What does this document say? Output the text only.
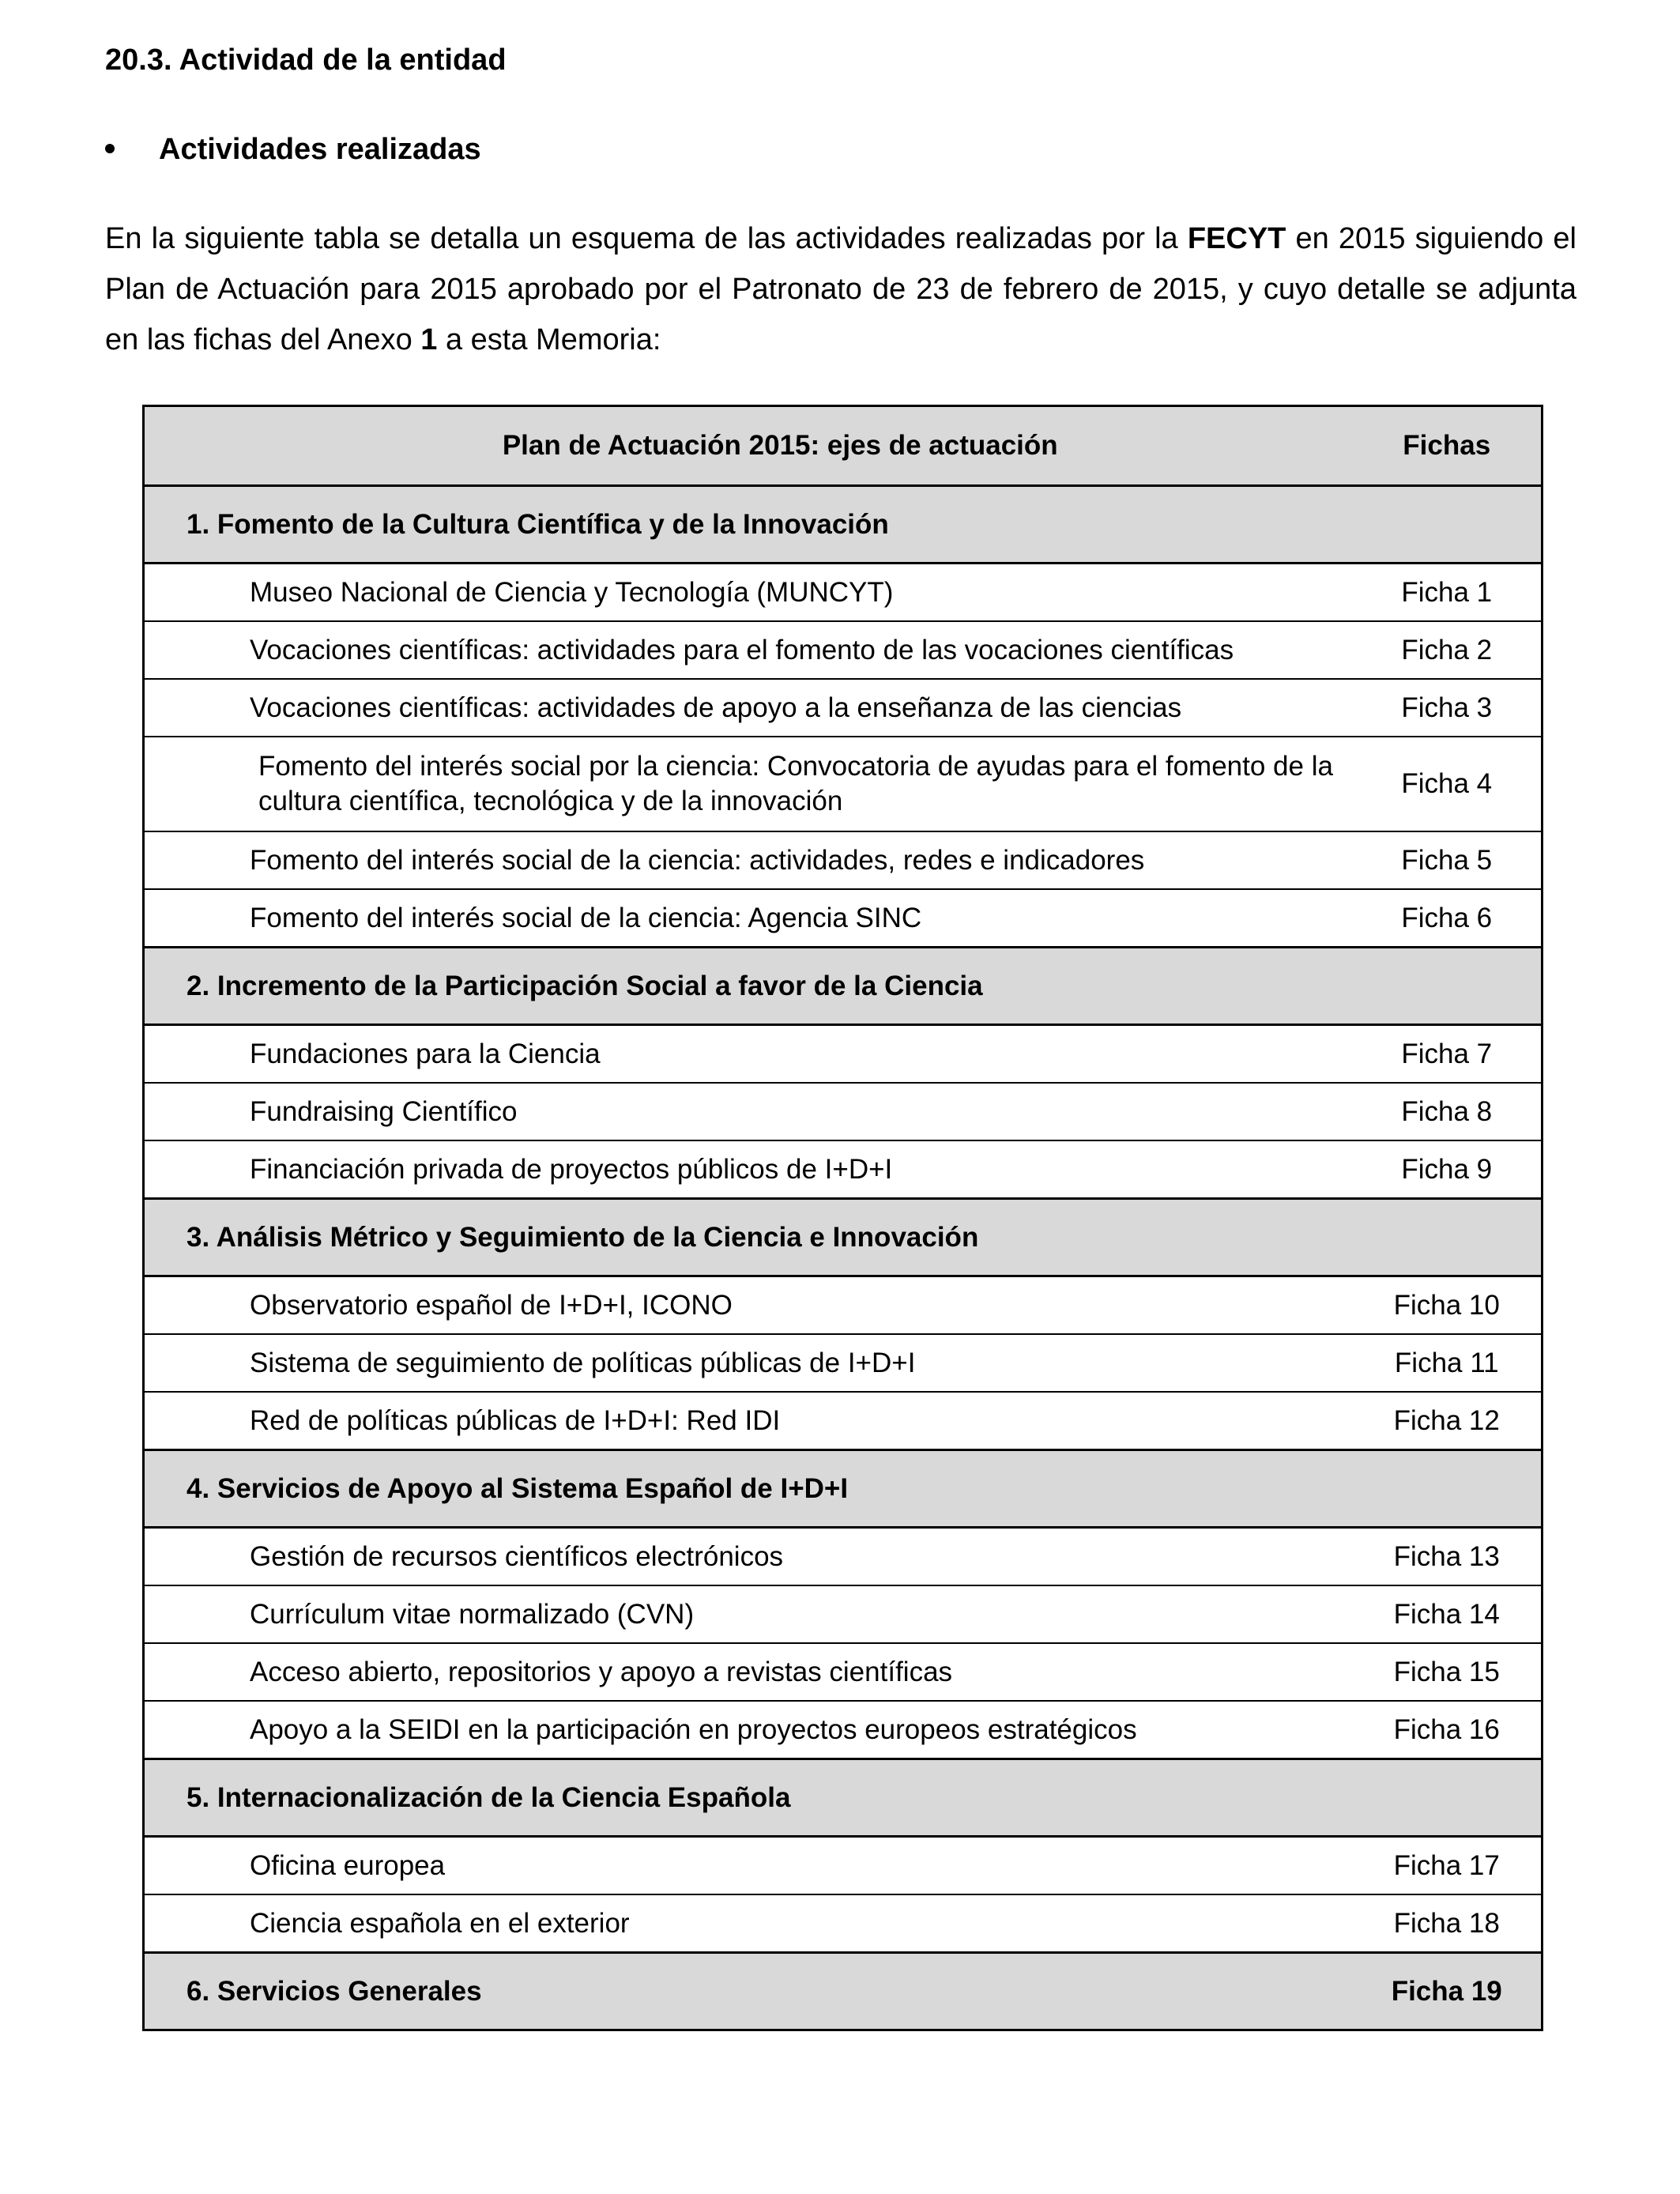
20.3. Actividad de la entidad
Actividades realizadas
En la siguiente tabla se detalla un esquema de las actividades realizadas por la FECYT en 2015 siguiendo el Plan de Actuación para 2015 aprobado por el Patronato de 23 de febrero de 2015, y cuyo detalle se adjunta en las fichas del Anexo 1 a esta Memoria:
Plan de Actuación 2015: ejes de actuación	Fichas
1. Fomento de la Cultura Científica y de la Innovación	
Museo Nacional de Ciencia y Tecnología (MUNCYT)	Ficha 1
Vocaciones científicas: actividades para el fomento de las vocaciones científicas	Ficha 2
Vocaciones científicas: actividades de apoyo a la enseñanza de las ciencias	Ficha 3
Fomento del interés social por la ciencia: Convocatoria de ayudas para el fomento de la cultura científica, tecnológica y de la innovación	Ficha 4
Fomento del interés social de la ciencia: actividades, redes e indicadores	Ficha 5
Fomento del interés social de la ciencia: Agencia SINC	Ficha 6
2. Incremento de la Participación Social a favor de la Ciencia	
Fundaciones para la Ciencia	Ficha 7
Fundraising Científico	Ficha 8
Financiación privada de proyectos públicos de I+D+I	Ficha 9
3. Análisis Métrico y Seguimiento de la Ciencia e Innovación	
Observatorio español de I+D+I, ICONO	Ficha 10
Sistema de seguimiento de políticas públicas de I+D+I	Ficha 11
Red de políticas públicas de I+D+I: Red IDI	Ficha 12
4. Servicios de Apoyo al Sistema Español de I+D+I	
Gestión de recursos científicos electrónicos	Ficha 13
Currículum vitae normalizado (CVN)	Ficha 14
Acceso abierto, repositorios y apoyo a revistas científicas	Ficha 15
Apoyo a la SEIDI en la participación en proyectos europeos estratégicos	Ficha 16
5. Internacionalización de la Ciencia Española	
Oficina europea	Ficha 17
Ciencia española en el exterior	Ficha 18
6. Servicios Generales	Ficha 19
